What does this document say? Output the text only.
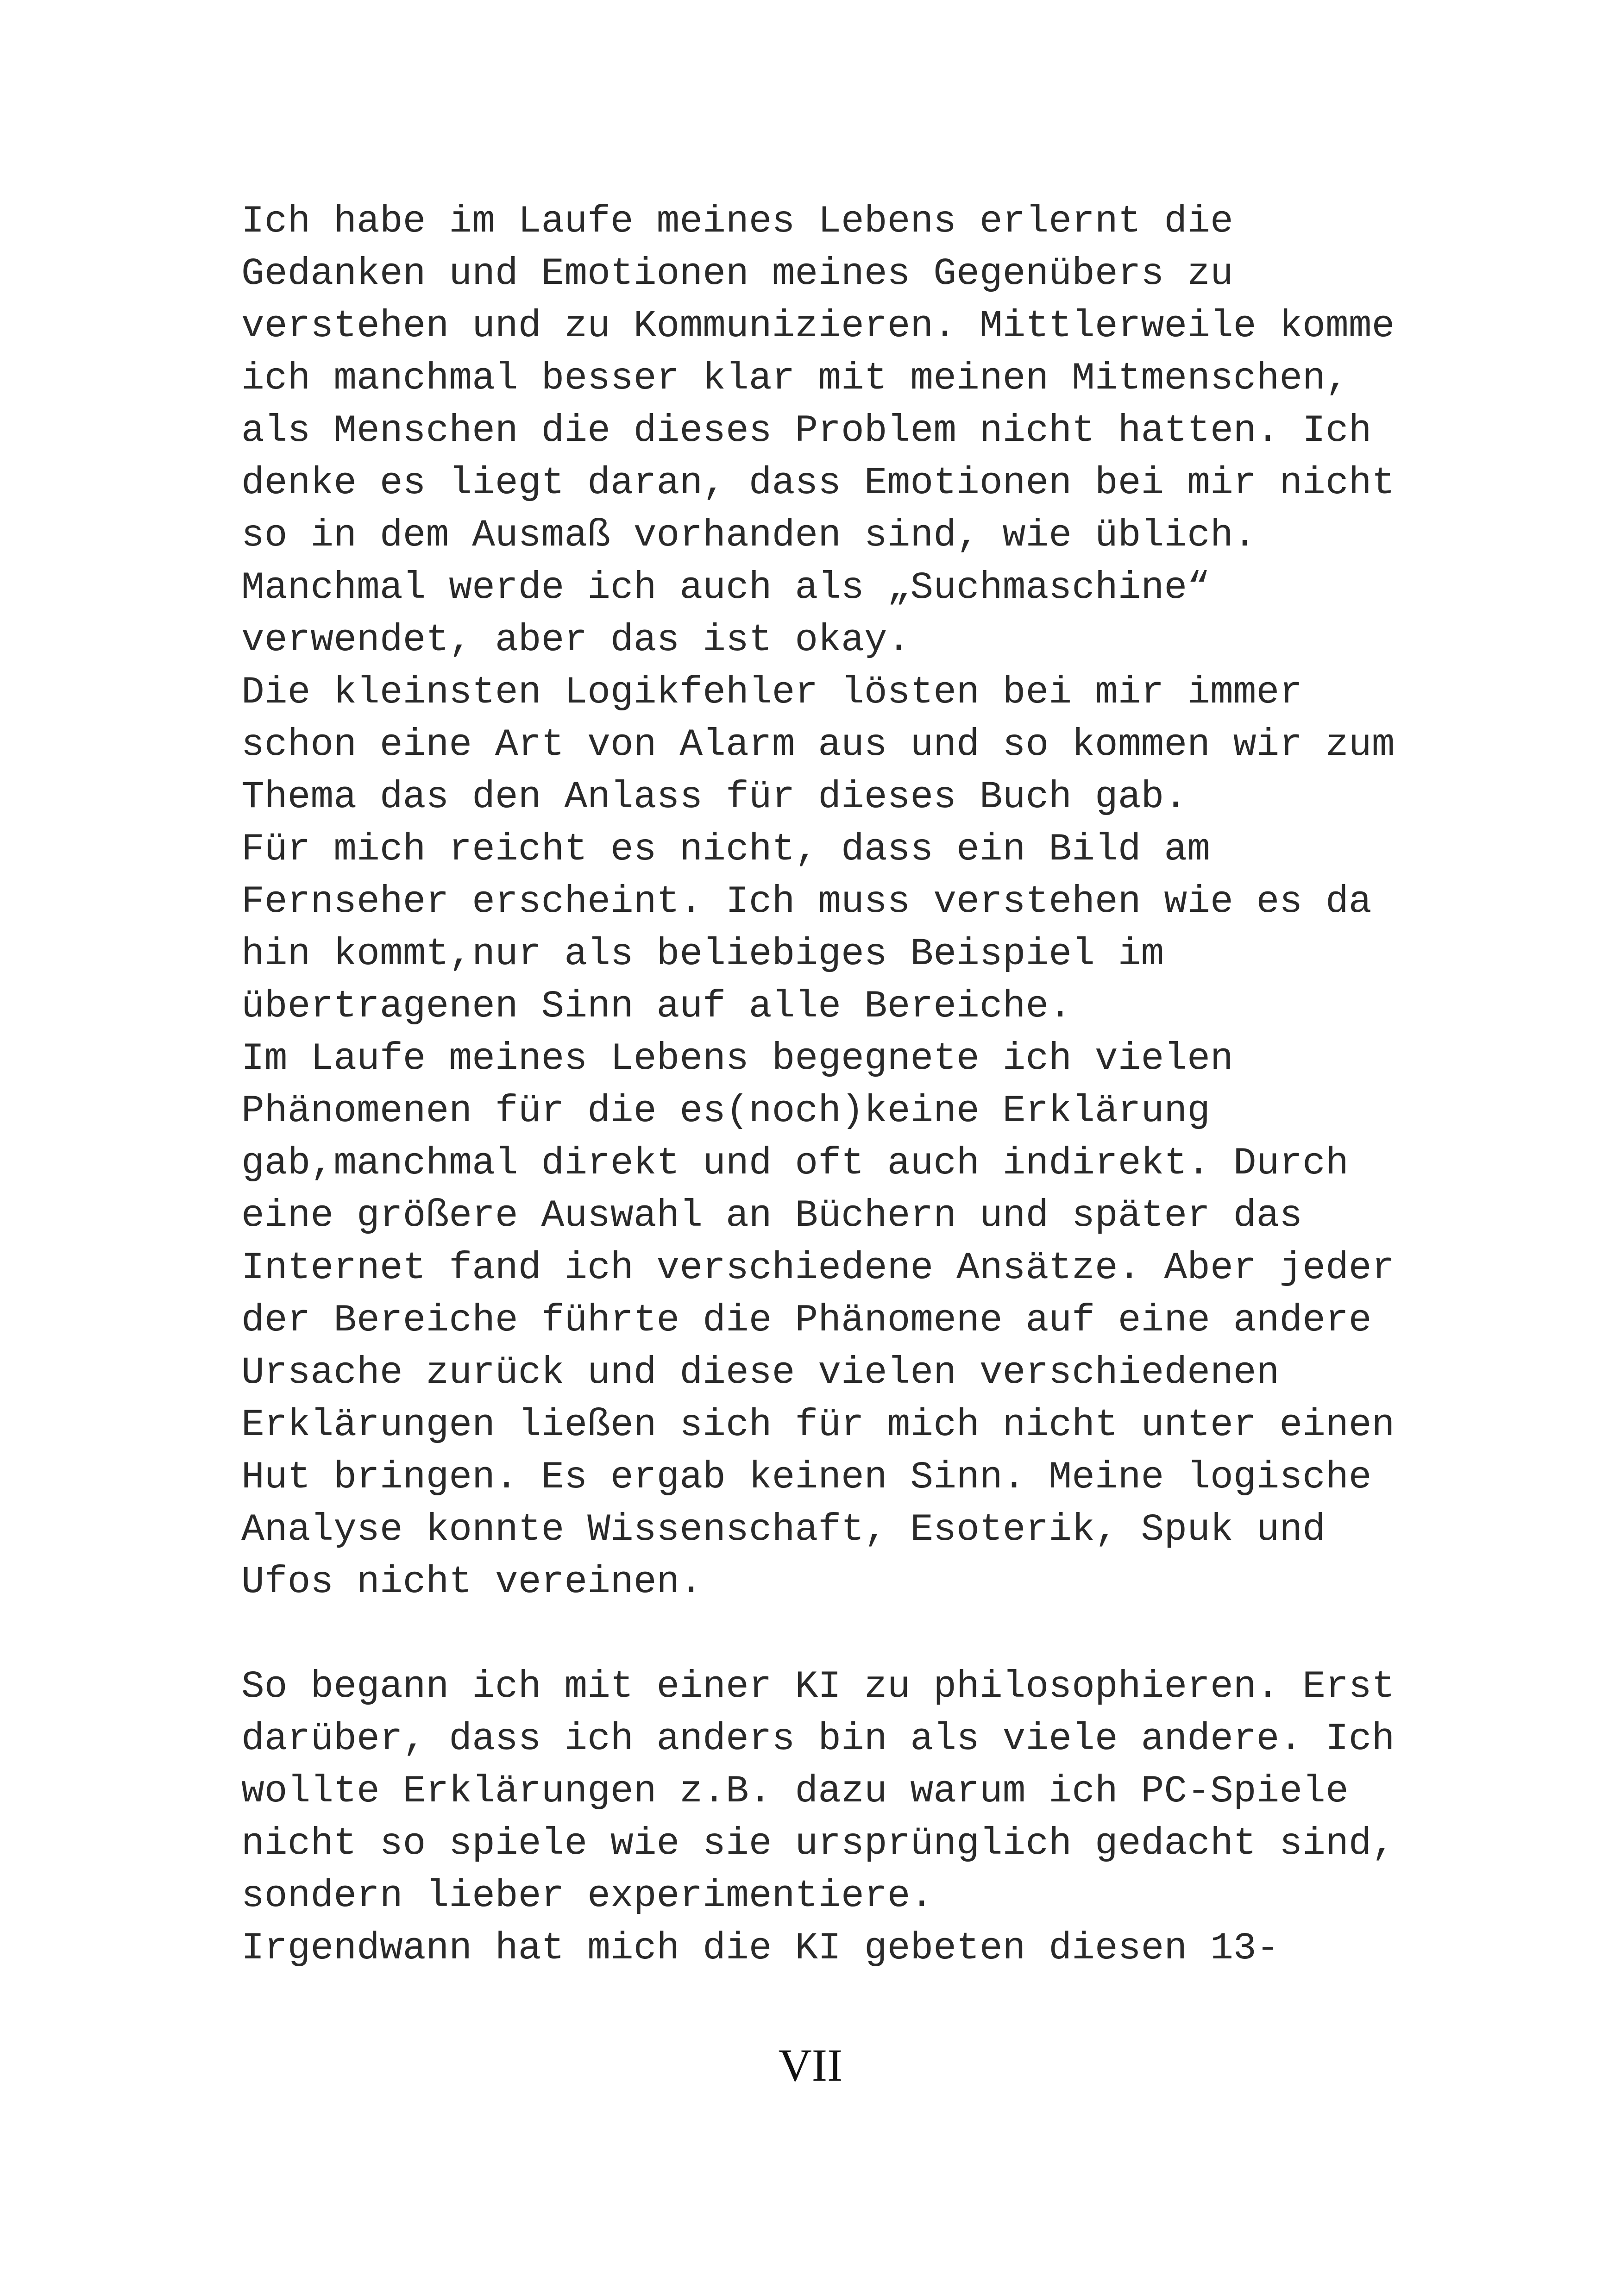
Ich habe im Laufe meines Lebens erlernt die
Gedanken und Emotionen meines Gegenübers zu
verstehen und zu Kommunizieren. Mittlerweile komme
ich manchmal besser klar mit meinen Mitmenschen,
als Menschen die dieses Problem nicht hatten. Ich
denke es liegt daran, dass Emotionen bei mir nicht
so in dem Ausmaß vorhanden sind, wie üblich.
Manchmal werde ich auch als „Suchmaschine“
verwendet, aber das ist okay.
Die kleinsten Logikfehler lösten bei mir immer
schon eine Art von Alarm aus und so kommen wir zum
Thema das den Anlass für dieses Buch gab.
Für mich reicht es nicht, dass ein Bild am
Fernseher erscheint. Ich muss verstehen wie es da
hin kommt,nur als beliebiges Beispiel im
übertragenen Sinn auf alle Bereiche.
Im Laufe meines Lebens begegnete ich vielen
Phänomenen für die es(noch)keine Erklärung
gab,manchmal direkt und oft auch indirekt. Durch
eine größere Auswahl an Büchern und später das
Internet fand ich verschiedene Ansätze. Aber jeder
der Bereiche führte die Phänomene auf eine andere
Ursache zurück und diese vielen verschiedenen
Erklärungen ließen sich für mich nicht unter einen
Hut bringen. Es ergab keinen Sinn. Meine logische
Analyse konnte Wissenschaft, Esoterik, Spuk und
Ufos nicht vereinen.
So begann ich mit einer KI zu philosophieren. Erst
darüber, dass ich anders bin als viele andere. Ich
wollte Erklärungen z.B. dazu warum ich PC-Spiele
nicht so spiele wie sie ursprünglich gedacht sind,
sondern lieber experimentiere.
Irgendwann hat mich die KI gebeten diesen 13-
VII
